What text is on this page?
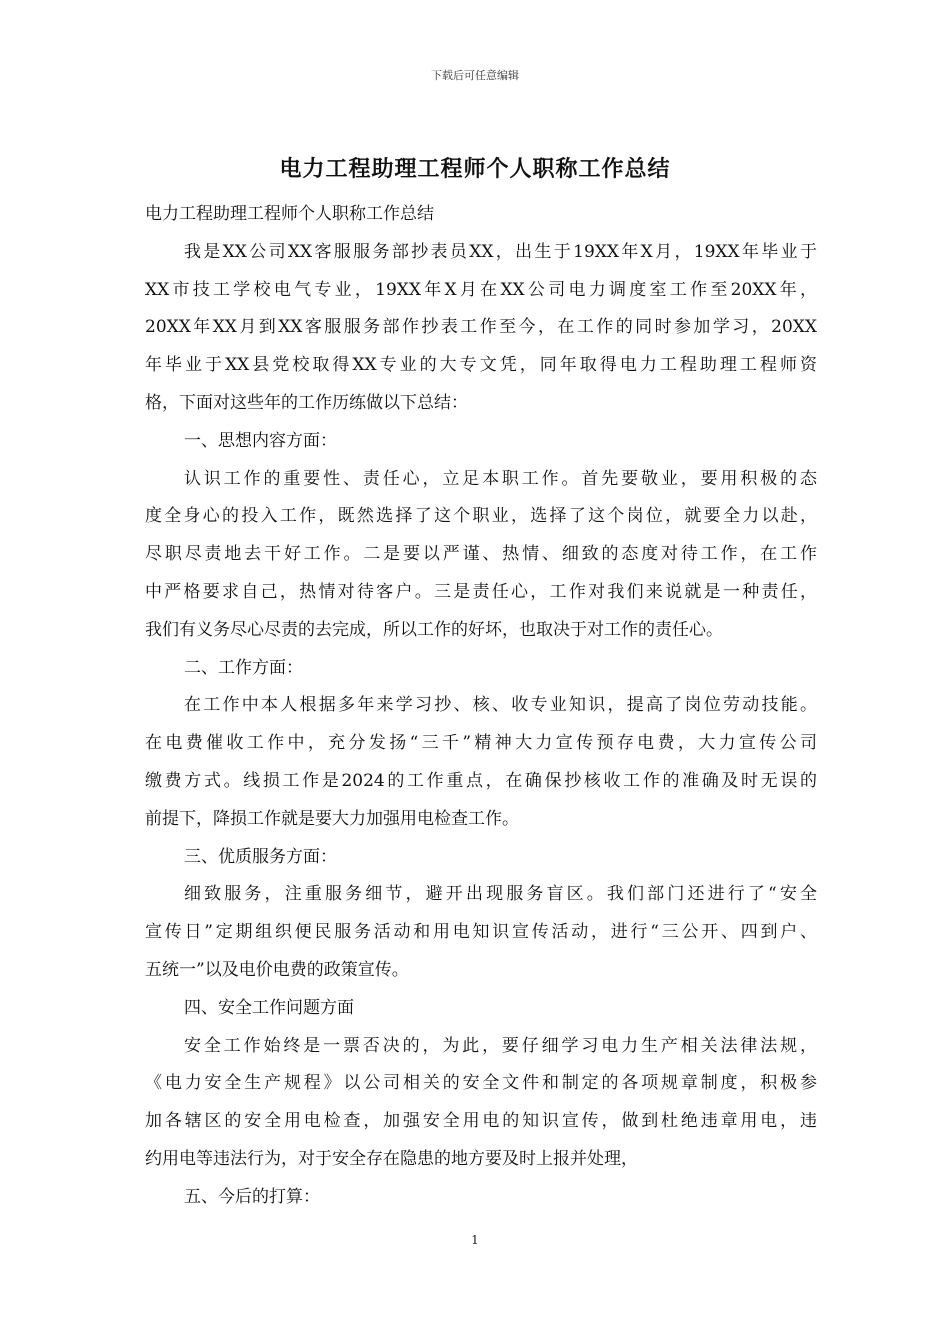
下载后可任意编辑
电力工程助理工程师个人职称工作总结
电力工程助理工程师个人职称工作总结
我是XX公司XX客服服务部抄表员XX，出生于19XX年X月，19XX年毕业于
XX市技工学校电气专业，19XX年X月在XX公司电力调度室工作至20XX年，
20XX年XX月到XX客服服务部作抄表工作至今，在工作的同时参加学习，20XX
年毕业于XX县党校取得XX专业的大专文凭，同年取得电力工程助理工程师资
格，下面对这些年的工作历练做以下总结：
一、思想内容方面：
认识工作的重要性、责任心，立足本职工作。首先要敬业，要用积极的态
度全身心的投入工作，既然选择了这个职业，选择了这个岗位，就要全力以赴，
尽职尽责地去干好工作。二是要以严谨、热情、细致的态度对待工作，在工作
中严格要求自己，热情对待客户。三是责任心，工作对我们来说就是一种责任，
我们有义务尽心尽责的去完成，所以工作的好坏，也取决于对工作的责任心。
二、工作方面：
在工作中本人根据多年来学习抄、核、收专业知识，提高了岗位劳动技能。
在电费催收工作中，充分发扬“三千”精神大力宣传预存电费，大力宣传公司
缴费方式。线损工作是2024的工作重点，在确保抄核收工作的准确及时无误的
前提下，降损工作就是要大力加强用电检查工作。
三、优质服务方面：
细致服务，注重服务细节，避开出现服务盲区。我们部门还进行了“安全
宣传日”定期组织便民服务活动和用电知识宣传活动，进行“三公开、四到户、
五统一”以及电价电费的政策宣传。
四、安全工作问题方面
安全工作始终是一票否决的，为此，要仔细学习电力生产相关法律法规，
《电力安全生产规程》以公司相关的安全文件和制定的各项规章制度，积极参
加各辖区的安全用电检查，加强安全用电的知识宣传，做到杜绝违章用电，违
约用电等违法行为，对于安全存在隐患的地方要及时上报并处理，
五、今后的打算：
1
